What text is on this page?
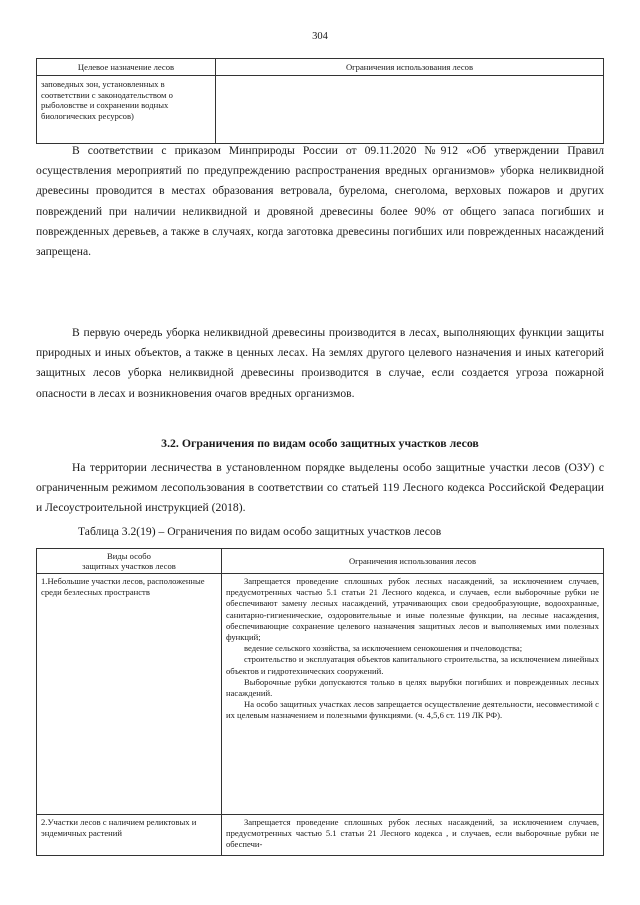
304
Целевое назначение лесов	Ограничения использования лесов
заповедных зон, установленных в соответствии с законодательством о рыболовстве и сохранении водных биологических ресурсов)	

В соответствии с приказом Минприроды России от 09.11.2020 №912 «Об утверждении Правил осуществления мероприятий по предупреждению распространения вредных организмов» уборка неликвидной древесины проводится в местах образования ветровала, бурелома, снеголома, верховых пожаров и других повреждений при наличии неликвидной и дровяной древесины более 90% от общего запаса погибших и поврежденных деревьев, а также в случаях, когда заготовка древесины погибших или поврежденных насаждений запрещена.

В первую очередь уборка неликвидной древесины производится в лесах, выполняющих функции защиты природных и иных объектов, а также в ценных лесах. На землях другого целевого назначения и иных категорий защитных лесов уборка неликвидной древесины производится в случае, если создается угроза пожарной опасности в лесах и возникновения очагов вредных организмов.

3.2. Ограничения по видам особо защитных участков лесов

На территории лесничества в установленном порядке выделены особо защитные участки лесов (ОЗУ) с ограниченным режимом лесопользования в соответствии со статьей 119 Лесного кодекса Российской Федерации и Лесоустроительной инструкцией (2018).

Таблица 3.2(19) – Ограничения по видам особо защитных участков лесов
Виды особо
защитных участков лесов	Ограничения использования лесов
1.Небольшие участки лесов, расположенные среди безлесных пространств	Запрещается проведение сплошных рубок лесных насаждений, за исключением случаев, предусмотренных частью 5.1 статьи 21 Лесного кодекса, и случаев, если выборочные рубки не обеспечивают замену лесных насаждений, утрачивающих свои средообразующие, водоохранные, санитарно-гигиенические, оздоровительные и иные полезные функции, на лесные насаждения, обеспечивающие сохранение целевого назначения защитных лесов и выполняемых ими полезных функций;

ведение сельского хозяйства, за исключением сенокошения и пчеловодства;

строительство и эксплуатация объектов капитального строительства, за исключением линейных объектов и гидротехнических сооружений.

Выборочные рубки допускаются только в целях вырубки погибших и поврежденных лесных насаждений.

На особо защитных участках лесов запрещается осуществление деятельности, несовместимой с их целевым назначением и полезными функциями. (ч. 4,5,6 ст. 119 ЛК РФ).

2.Участки лесов с наличием реликтовых и эндемичных растений	Запрещается проведение сплошных рубок лесных насаждений, за исключением случаев, предусмотренных частью 5.1 статьи 21 Лесного кодекса , и случаев, если выборочные рубки не обеспечи-
